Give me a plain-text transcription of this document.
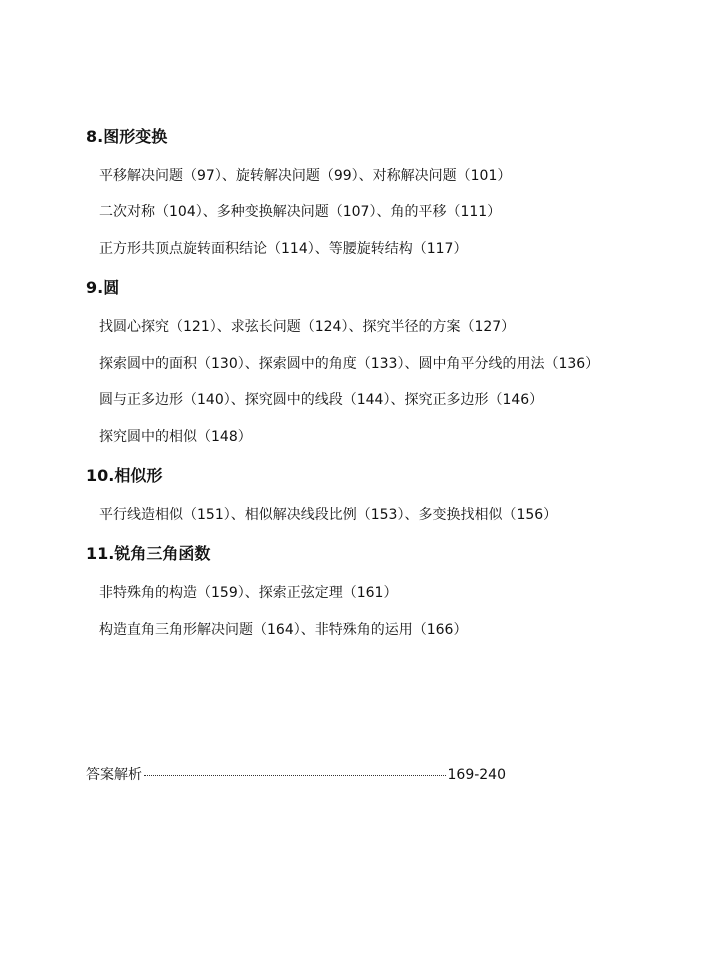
8.图形变换
平移解决问题（97）、旋转解决问题（99）、对称解决问题（101）
二次对称（104）、多种变换解决问题（107）、角的平移（111）
正方形共顶点旋转面积结论（114）、等腰旋转结构（117）
9.圆
找圆心探究（121）、求弦长问题（124）、探究半径的方案（127）
探索圆中的面积（130）、探索圆中的角度（133）、圆中角平分线的用法（136）
圆与正多边形（140）、探究圆中的线段（144）、探究正多边形（146）
探究圆中的相似（148）
10.相似形
平行线造相似（151）、相似解决线段比例（153）、多变换找相似（156）
11.锐角三角函数
非特殊角的构造（159）、探索正弦定理（161）
构造直角三角形解决问题（164）、非特殊角的运用（166）
答案解析	169-240
